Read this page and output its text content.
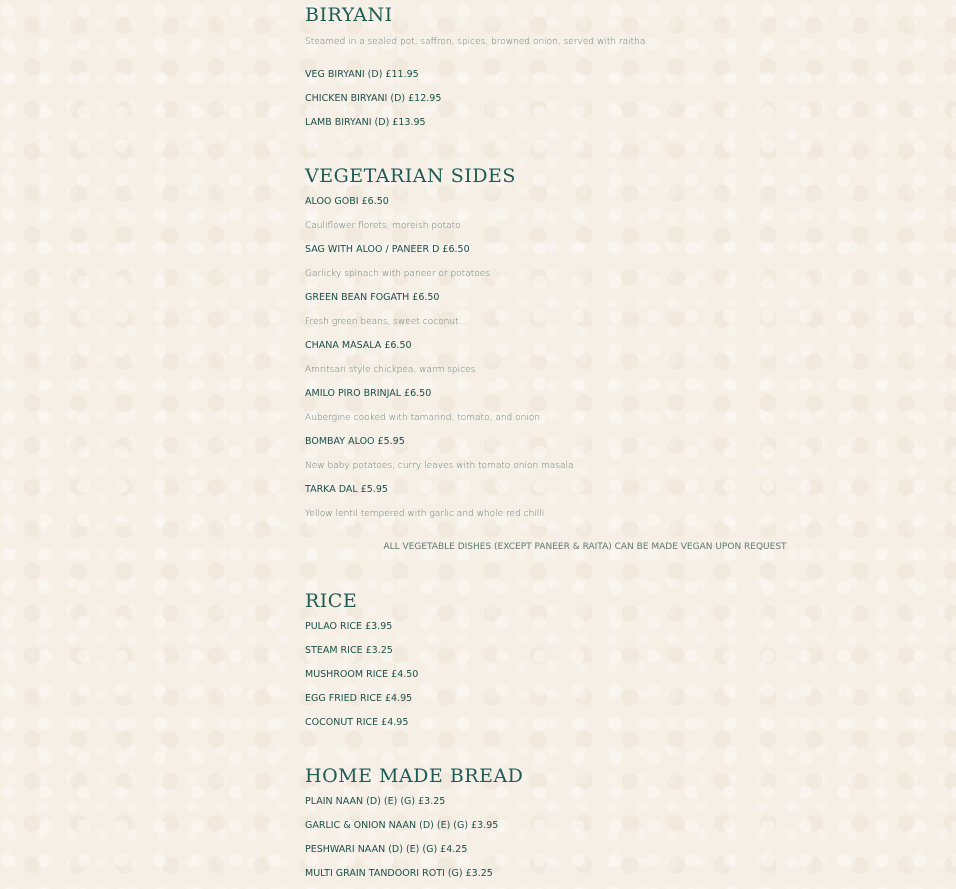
BIRYANI
Steamed in a sealed pot, saffron, spices, browned onion, served with raitha
VEG BIRYANI (D) £11.95
CHICKEN BIRYANI (D) £12.95
LAMB BIRYANI (D) £13.95
VEGETARIAN SIDES
ALOO GOBI £6.50
Cauliflower florets, moreish potato
SAG WITH ALOO / PANEER D £6.50
Garlicky spinach with paneer or potatoes
GREEN BEAN FOGATH £6.50
Fresh green beans, sweet coconut
CHANA MASALA £6.50
Amritsari style chickpea, warm spices
AMILO PIRO BRINJAL £6.50
Aubergine cooked with tamarind, tomato, and onion
BOMBAY ALOO £5.95
New baby potatoes, curry leaves with tomato onion masala
TARKA DAL £5.95
Yellow lentil tempered with garlic and whole red chilli
ALL VEGETABLE DISHES (EXCEPT PANEER & RAITA) CAN BE MADE VEGAN UPON REQUEST
RICE
PULAO RICE £3.95
STEAM RICE £3.25
MUSHROOM RICE £4.50
EGG FRIED RICE £4.95
COCONUT RICE £4.95
HOME MADE BREAD
PLAIN NAAN (D) (E) (G) £3.25
GARLIC & ONION NAAN (D) (E) (G) £3.95
PESHWARI NAAN (D) (E) (G) £4.25
MULTI GRAIN TANDOORI ROTI (G) £3.25
